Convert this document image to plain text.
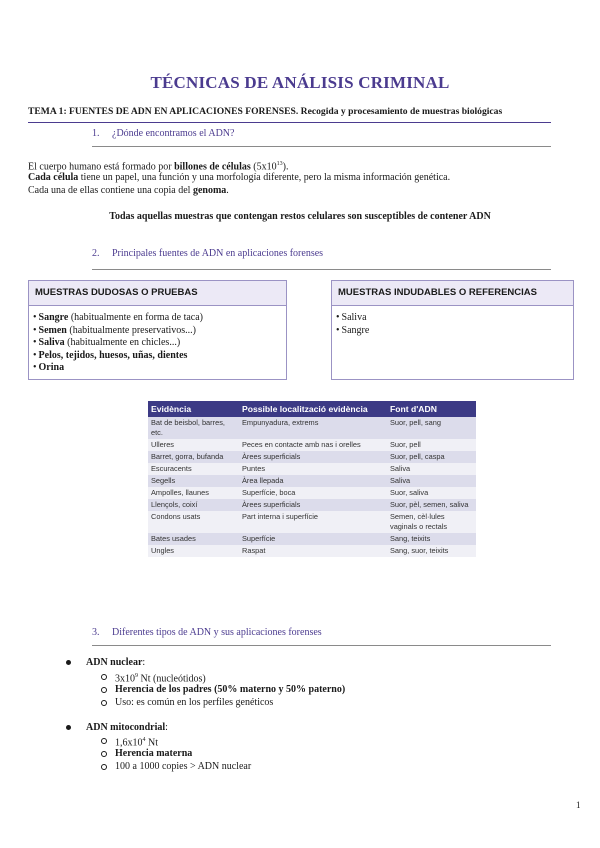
TÉCNICAS DE ANÁLISIS CRIMINAL
TEMA 1: FUENTES DE ADN EN APLICACIONES FORENSES. Recogida y procesamiento de muestras biológicas
1. ¿Dónde encontramos el ADN?
El cuerpo humano está formado por billones de células $(5x10^{13})$.
Cada célula tiene un papel, una función y una morfología diferente, pero la misma información genética.
Cada una de ellas contiene una copia del genoma.
Todas aquellas muestras que contengan restos celulares son susceptibles de contener ADN
2. Principales fuentes de ADN en aplicaciones forenses
MUESTRAS DUDOSAS O PRUEBAS
• Sangre (habitualmente en forma de taca)
• Semen (habitualmente preservativos...)
• Saliva (habitualmente en chicles...)
• Pelos, tejidos, huesos, uñas, dientes
• Orina
MUESTRAS INDUDABLES O REFERENCIAS
• Saliva
• Sangre
Evidència	Possible localització evidència	Font d'ADN
Bat de beisbol, barres, etc.	Empunyadura, extrems	Suor, pell, sang
Ulleres	Peces en contacte amb nas i orelles	Suor, pell
Barret, gorra, bufanda	Àrees superficials	Suor, pell, caspa
Escuracents	Puntes	Saliva
Segells	Àrea llepada	Saliva
Ampolles, llaunes	Superfície, boca	Suor, saliva
Llençols, coixí	Àrees superficials	Suor, pèl, semen, saliva
Condons usats	Part interna i superfície	Semen, cèl·lules vaginals o rectals
Bates usades	Superfície	Sang, teixits
Ungles	Raspat	Sang, suor, teixits
3. Diferentes tipos de ADN y sus aplicaciones forenses
ADN nuclear:
$3x10^9$ Nt (nucleótidos)
Herencia de los padres (50% materno y 50% paterno)
Uso: es común en los perfiles genéticos
ADN mitocondrial:
$1,6x10^4$ Nt
Herencia materna
100 a 1000 copies > ADN nuclear
1
